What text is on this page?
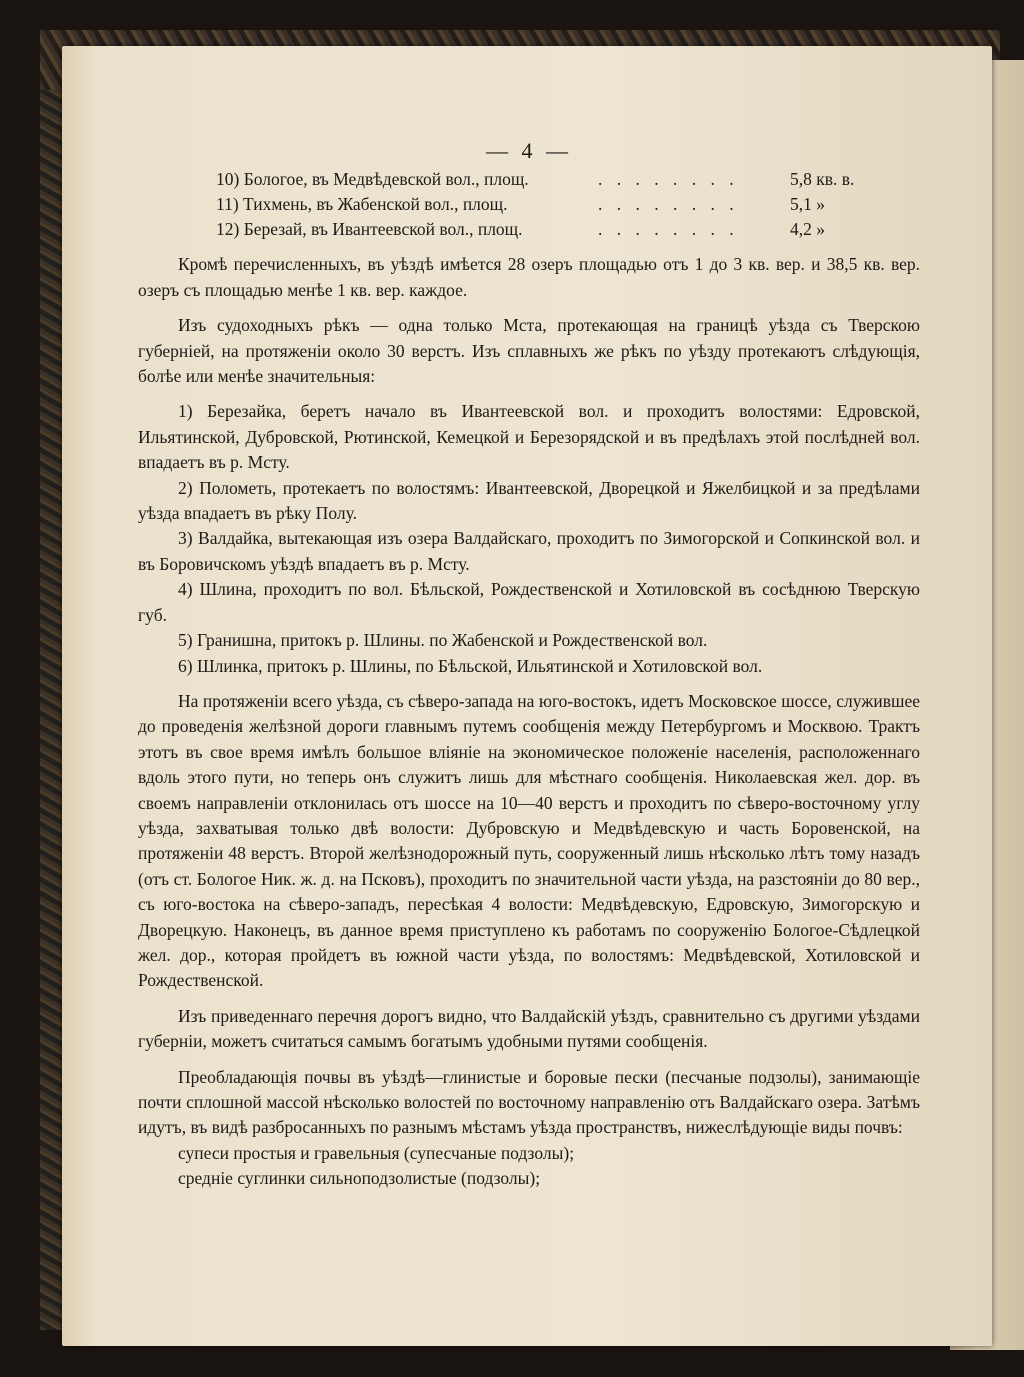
— 4 —
10) Бологое, въ Медвѣдевской вол., площ.	. . . . . . . .	5,8 кв. в.
11) Тихмень, въ Жабенской вол., площ.	. . . . . . . .	5,1 »
12) Березай, въ Ивантеевской вол., площ.	. . . . . . . .	4,2 »

Кромѣ перечисленныхъ, въ уѣздѣ имѣется 28 озеръ площадью отъ 1 до 3 кв. вер. и 38,5 кв. вер. озеръ съ площадью менѣе 1 кв. вер. каждое.

Изъ судоходныхъ рѣкъ — одна только Мста, протекающая на границѣ уѣзда съ Тверскою губерніей, на протяженіи около 30 верстъ. Изъ сплавныхъ же рѣкъ по уѣзду протекаютъ слѣдующія, болѣе или менѣе значительныя:

1) Березайка, беретъ начало въ Ивантеевской вол. и проходитъ волостями: Едровской, Ильятинской, Дубровской, Рютинской, Кемецкой и Березорядской и въ предѣлахъ этой послѣдней вол. впадаетъ въ р. Мсту.

2) Полометь, протекаетъ по волостямъ: Ивантеевской, Дворецкой и Яжелбицкой и за предѣлами уѣзда впадаетъ въ рѣку Полу.

3) Валдайка, вытекающая изъ озера Валдайскаго, проходитъ по Зимогорской и Сопкинской вол. и въ Боровичскомъ уѣздѣ впадаетъ въ р. Мсту.

4) Шлина, проходитъ по вол. Бѣльской, Рождественской и Хотиловской въ сосѣднюю Тверскую губ.

5) Гранишна, притокъ р. Шлины. по Жабенской и Рождественской вол.

6) Шлинка, притокъ р. Шлины, по Бѣльской, Ильятинской и Хотиловской вол.

На протяженіи всего уѣзда, съ сѣверо-запада на юго-востокъ, идетъ Московское шоссе, служившее до проведенія желѣзной дороги главнымъ путемъ сообщенія между Петербургомъ и Москвою. Трактъ этотъ въ свое время имѣлъ большое вліяніе на экономическое положеніе населенія, расположеннаго вдоль этого пути, но теперь онъ служитъ лишь для мѣстнаго сообщенія. Николаевская жел. дор. въ своемъ направленіи отклонилась отъ шоссе на 10—40 верстъ и проходитъ по сѣверо-восточному углу уѣзда, захватывая только двѣ волости: Дубровскую и Медвѣдевскую и часть Боровенской, на протяженіи 48 верстъ. Второй желѣзнодорожный путь, сооруженный лишь нѣсколько лѣтъ тому назадъ (отъ ст. Бологое Ник. ж. д. на Псковъ), проходитъ по значительной части уѣзда, на разстояніи до 80 вер., съ юго-востока на сѣверо-западъ, пересѣкая 4 волости: Медвѣдевскую, Едровскую, Зимогорскую и Дворецкую. Наконецъ, въ данное время приступлено къ работамъ по сооруженію Бологое-Сѣдлецкой жел. дор., которая пройдетъ въ южной части уѣзда, по волостямъ: Медвѣдевской, Хотиловской и Рождественской.

Изъ приведеннаго перечня дорогъ видно, что Валдайскій уѣздъ, сравнительно съ другими уѣздами губерніи, можетъ считаться самымъ богатымъ удобными путями сообщенія.

Преобладающія почвы въ уѣздѣ—глинистые и боровые пески (песчаные подзолы), занимающіе почти сплошной массой нѣсколько волостей по восточному направленію отъ Валдайскаго озера. Затѣмъ идутъ, въ видѣ разбросанныхъ по разнымъ мѣстамъ уѣзда пространствъ, нижеслѣдующіе виды почвъ:

супеси простыя и гравельныя (супесчаные подзолы);

средніе суглинки сильноподзолистые (подзолы);
